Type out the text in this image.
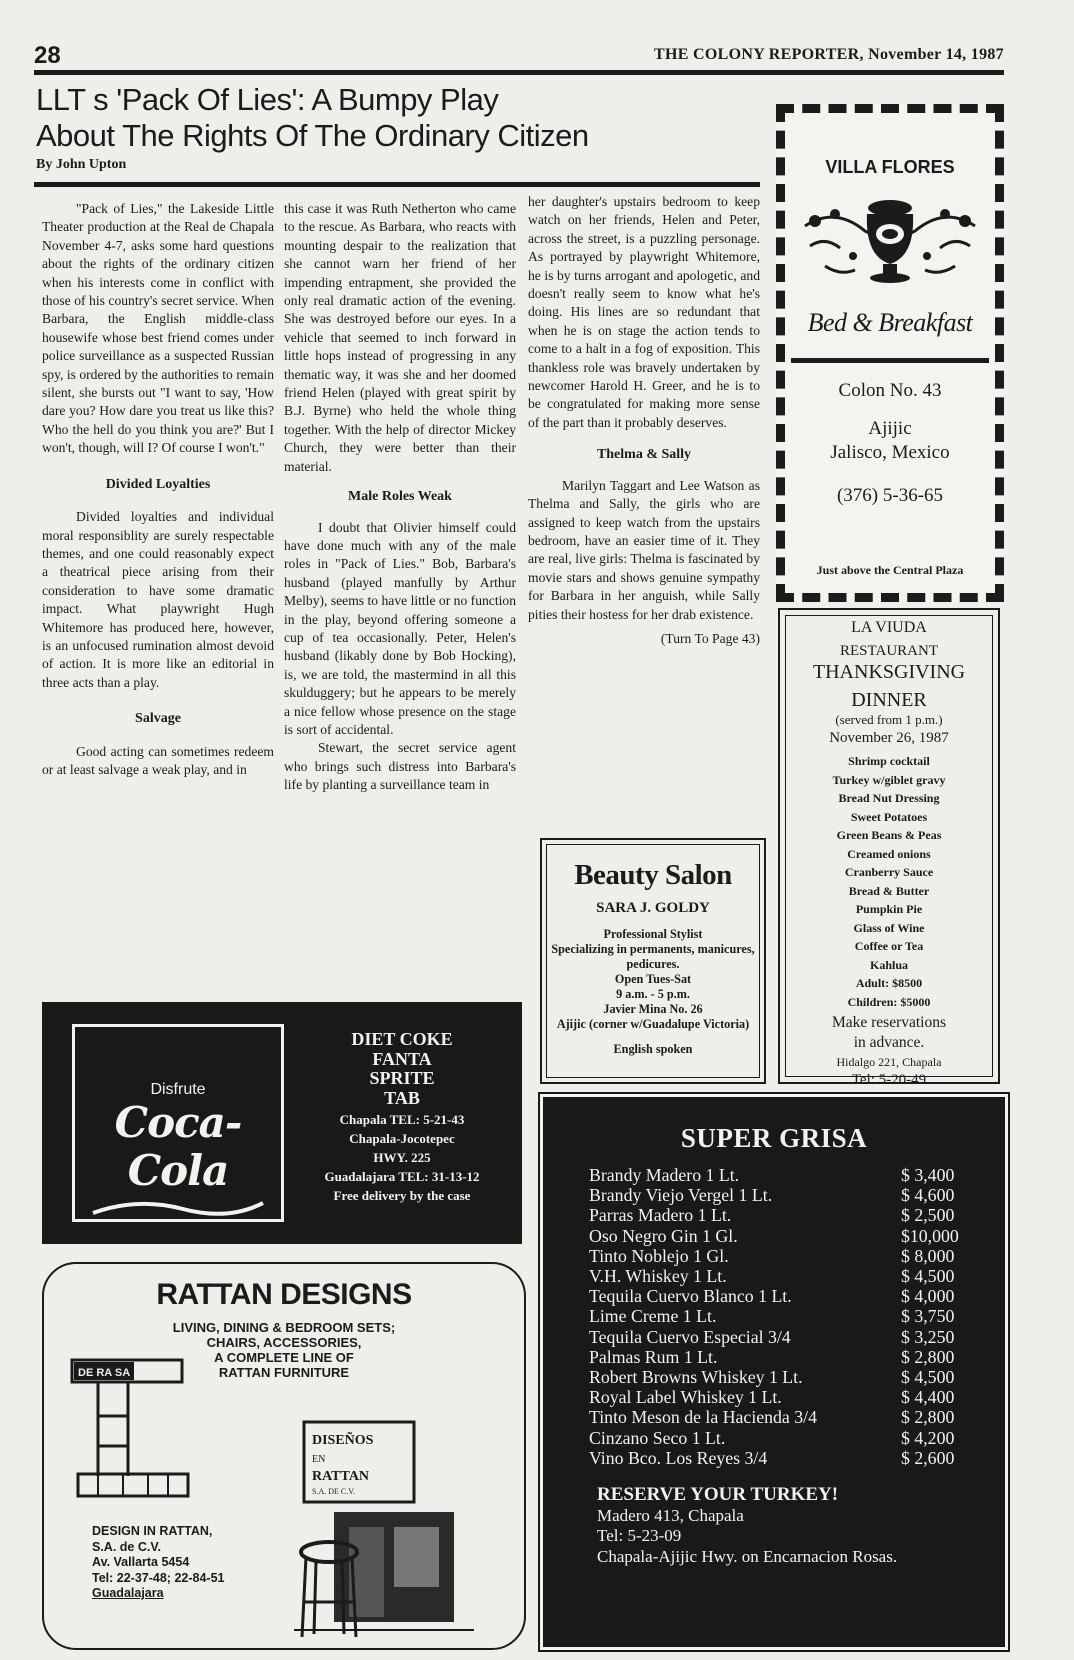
28	THE COLONY REPORTER, November 14, 1987
LLT s 'Pack Of Lies': A Bumpy Play
About The Rights Of The Ordinary Citizen
By John Upton

"Pack of Lies," the Lakeside Little Theater production at the Real de Chapala November 4-7, asks some hard questions about the rights of the ordinary citizen when his interests come in conflict with those of his country's secret service. When Barbara, the English middle-class housewife whose best friend comes under police surveillance as a suspected Russian spy, is ordered by the authorities to remain silent, she bursts out "I want to say, 'How dare you? How dare you treat us like this? Who the hell do you think you are?' But I won't, though, will I? Of course I won't."

Divided Loyalties

Divided loyalties and individual moral responsiblity are surely respectable themes, and one could reasonably expect a theatrical piece arising from their consideration to have some dramatic impact. What playwright Hugh Whitemore has produced here, however, is an unfocused rumination almost devoid of action. It is more like an editorial in three acts than a play.

Salvage

Good acting can sometimes redeem or at least salvage a weak play, and in

this case it was Ruth Netherton who came to the rescue. As Barbara, who reacts with mounting despair to the realization that she cannot warn her friend of her impending entrapment, she provided the only real dramatic action of the evening. She was destroyed before our eyes. In a vehicle that seemed to inch forward in little hops instead of progressing in any thematic way, it was she and her doomed friend Helen (played with great spirit by B.J. Byrne) who held the whole thing together. With the help of director Mickey Church, they were better than their material.

Male Roles Weak

I doubt that Olivier himself could have done much with any of the male roles in "Pack of Lies." Bob, Barbara's husband (played manfully by Arthur Melby), seems to have little or no function in the play, beyond offering someone a cup of tea occasionally. Peter, Helen's husband (likably done by Bob Hocking), is, we are told, the mastermind in all this skulduggery; but he appears to be merely a nice fellow whose presence on the stage is sort of accidental.

Stewart, the secret service agent who brings such distress into Barbara's life by planting a surveillance team in

her daughter's upstairs bedroom to keep watch on her friends, Helen and Peter, across the street, is a puzzling personage. As portrayed by playwright Whitemore, he is by turns arrogant and apologetic, and doesn't really seem to know what he's doing. His lines are so redundant that when he is on stage the action tends to come to a halt in a fog of exposition. This thankless role was bravely undertaken by newcomer Harold H. Greer, and he is to be congratulated for making more sense of the part than it probably deserves.

Thelma & Sally

Marilyn Taggart and Lee Watson as Thelma and Sally, the girls who are assigned to keep watch from the upstairs bedroom, have an easier time of it. They are real, live girls: Thelma is fascinated by movie stars and shows genuine sympathy for Barbara in her anguish, while Sally pities their hostess for her drab existence.

(Turn To Page 43)
VILLA FLORES
Bed & Breakfast
Colon No. 43
Ajijic
Jalisco, Mexico
(376) 5-36-65
Just above the Central Plaza
LA VIUDA
RESTAURANT
THANKSGIVING
DINNER
(served from 1 p.m.)
November 26, 1987
Shrimp cocktail
Turkey w/giblet gravy
Bread Nut Dressing
Sweet Potatoes
Green Beans & Peas
Creamed onions
Cranberry Sauce
Bread & Butter
Pumpkin Pie
Glass of Wine
Coffee or Tea
Kahlua
Adult: $8500
Children: $5000
Make reservations
in advance.
Hidalgo 221, Chapala
Tel: 5-20-49
Beauty Salon
SARA J. GOLDY
Professional Stylist
Specializing in permanents, manicures, pedicures.
Open Tues-Sat
9 a.m. - 5 p.m.
Javier Mina No. 26
Ajijic (corner w/Guadalupe Victoria)
English spoken
Disfrute
Coca-Cola
DIET COKE
FANTA
SPRITE
TAB
Chapala TEL: 5-21-43
Chapala-Jocotepec
HWY. 225
Guadalajara TEL: 31-13-12
Free delivery by the case
RATTAN DESIGNS
LIVING, DINING & BEDROOM SETS;
CHAIRS, ACCESSORIES,
A COMPLETE LINE OF
RATTAN FURNITURE
DE RA SA
DISEÑOS
EN
RATTAN
S.A. DE C.V.
DESIGN IN RATTAN,
S.A. de C.V.
Av. Vallarta 5454
Tel: 22-37-48; 22-84-51
Guadalajara
SUPER GRISA
Brandy Madero 1 Lt.	$ 3,400
Brandy Viejo Vergel 1 Lt.	$ 4,600
Parras Madero 1 Lt.	$ 2,500
Oso Negro Gin 1 Gl.	$10,000
Tinto Noblejo 1 Gl.	$ 8,000
V.H. Whiskey 1 Lt.	$ 4,500
Tequila Cuervo Blanco 1 Lt.	$ 4,000
Lime Creme 1 Lt.	$ 3,750
Tequila Cuervo Especial 3/4	$ 3,250
Palmas Rum 1 Lt.	$ 2,800
Robert Browns Whiskey 1 Lt.	$ 4,500
Royal Label Whiskey 1 Lt.	$ 4,400
Tinto Meson de la Hacienda 3/4	$ 2,800
Cinzano Seco 1 Lt.	$ 4,200
Vino Bco. Los Reyes 3/4	$ 2,600
RESERVE YOUR TURKEY!
Madero 413, Chapala
Tel: 5-23-09
Chapala-Ajijic Hwy. on Encarnacion Rosas.
